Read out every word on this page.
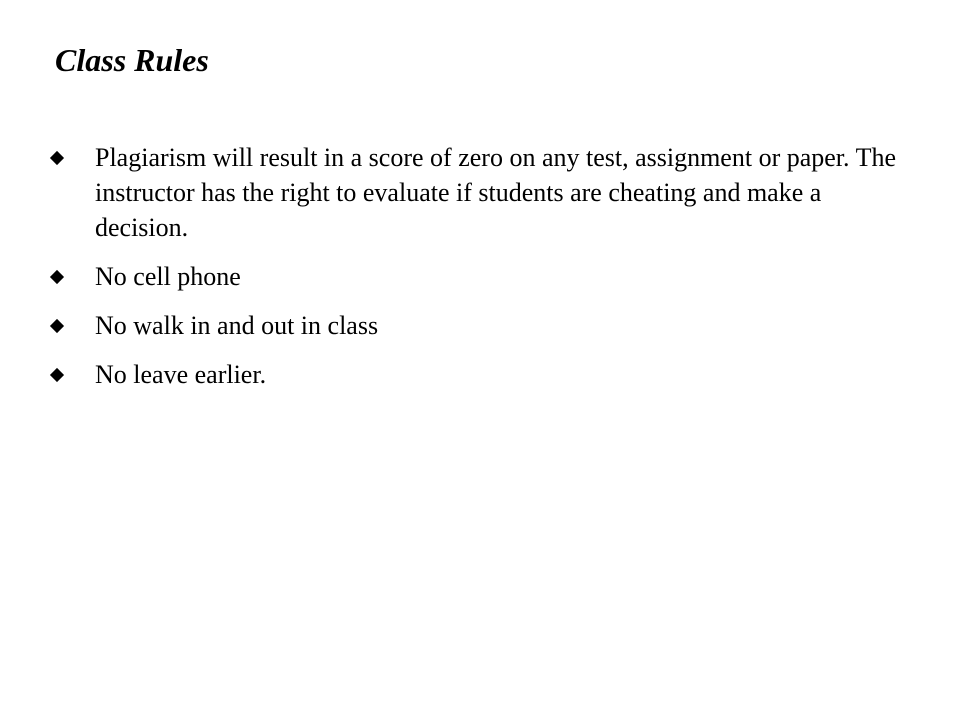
Class Rules
Plagiarism will result in a score of zero on any test, assignment or paper. The instructor has the right to evaluate if students are cheating and make a decision.
No cell phone
No walk in and out in class
No leave earlier.
